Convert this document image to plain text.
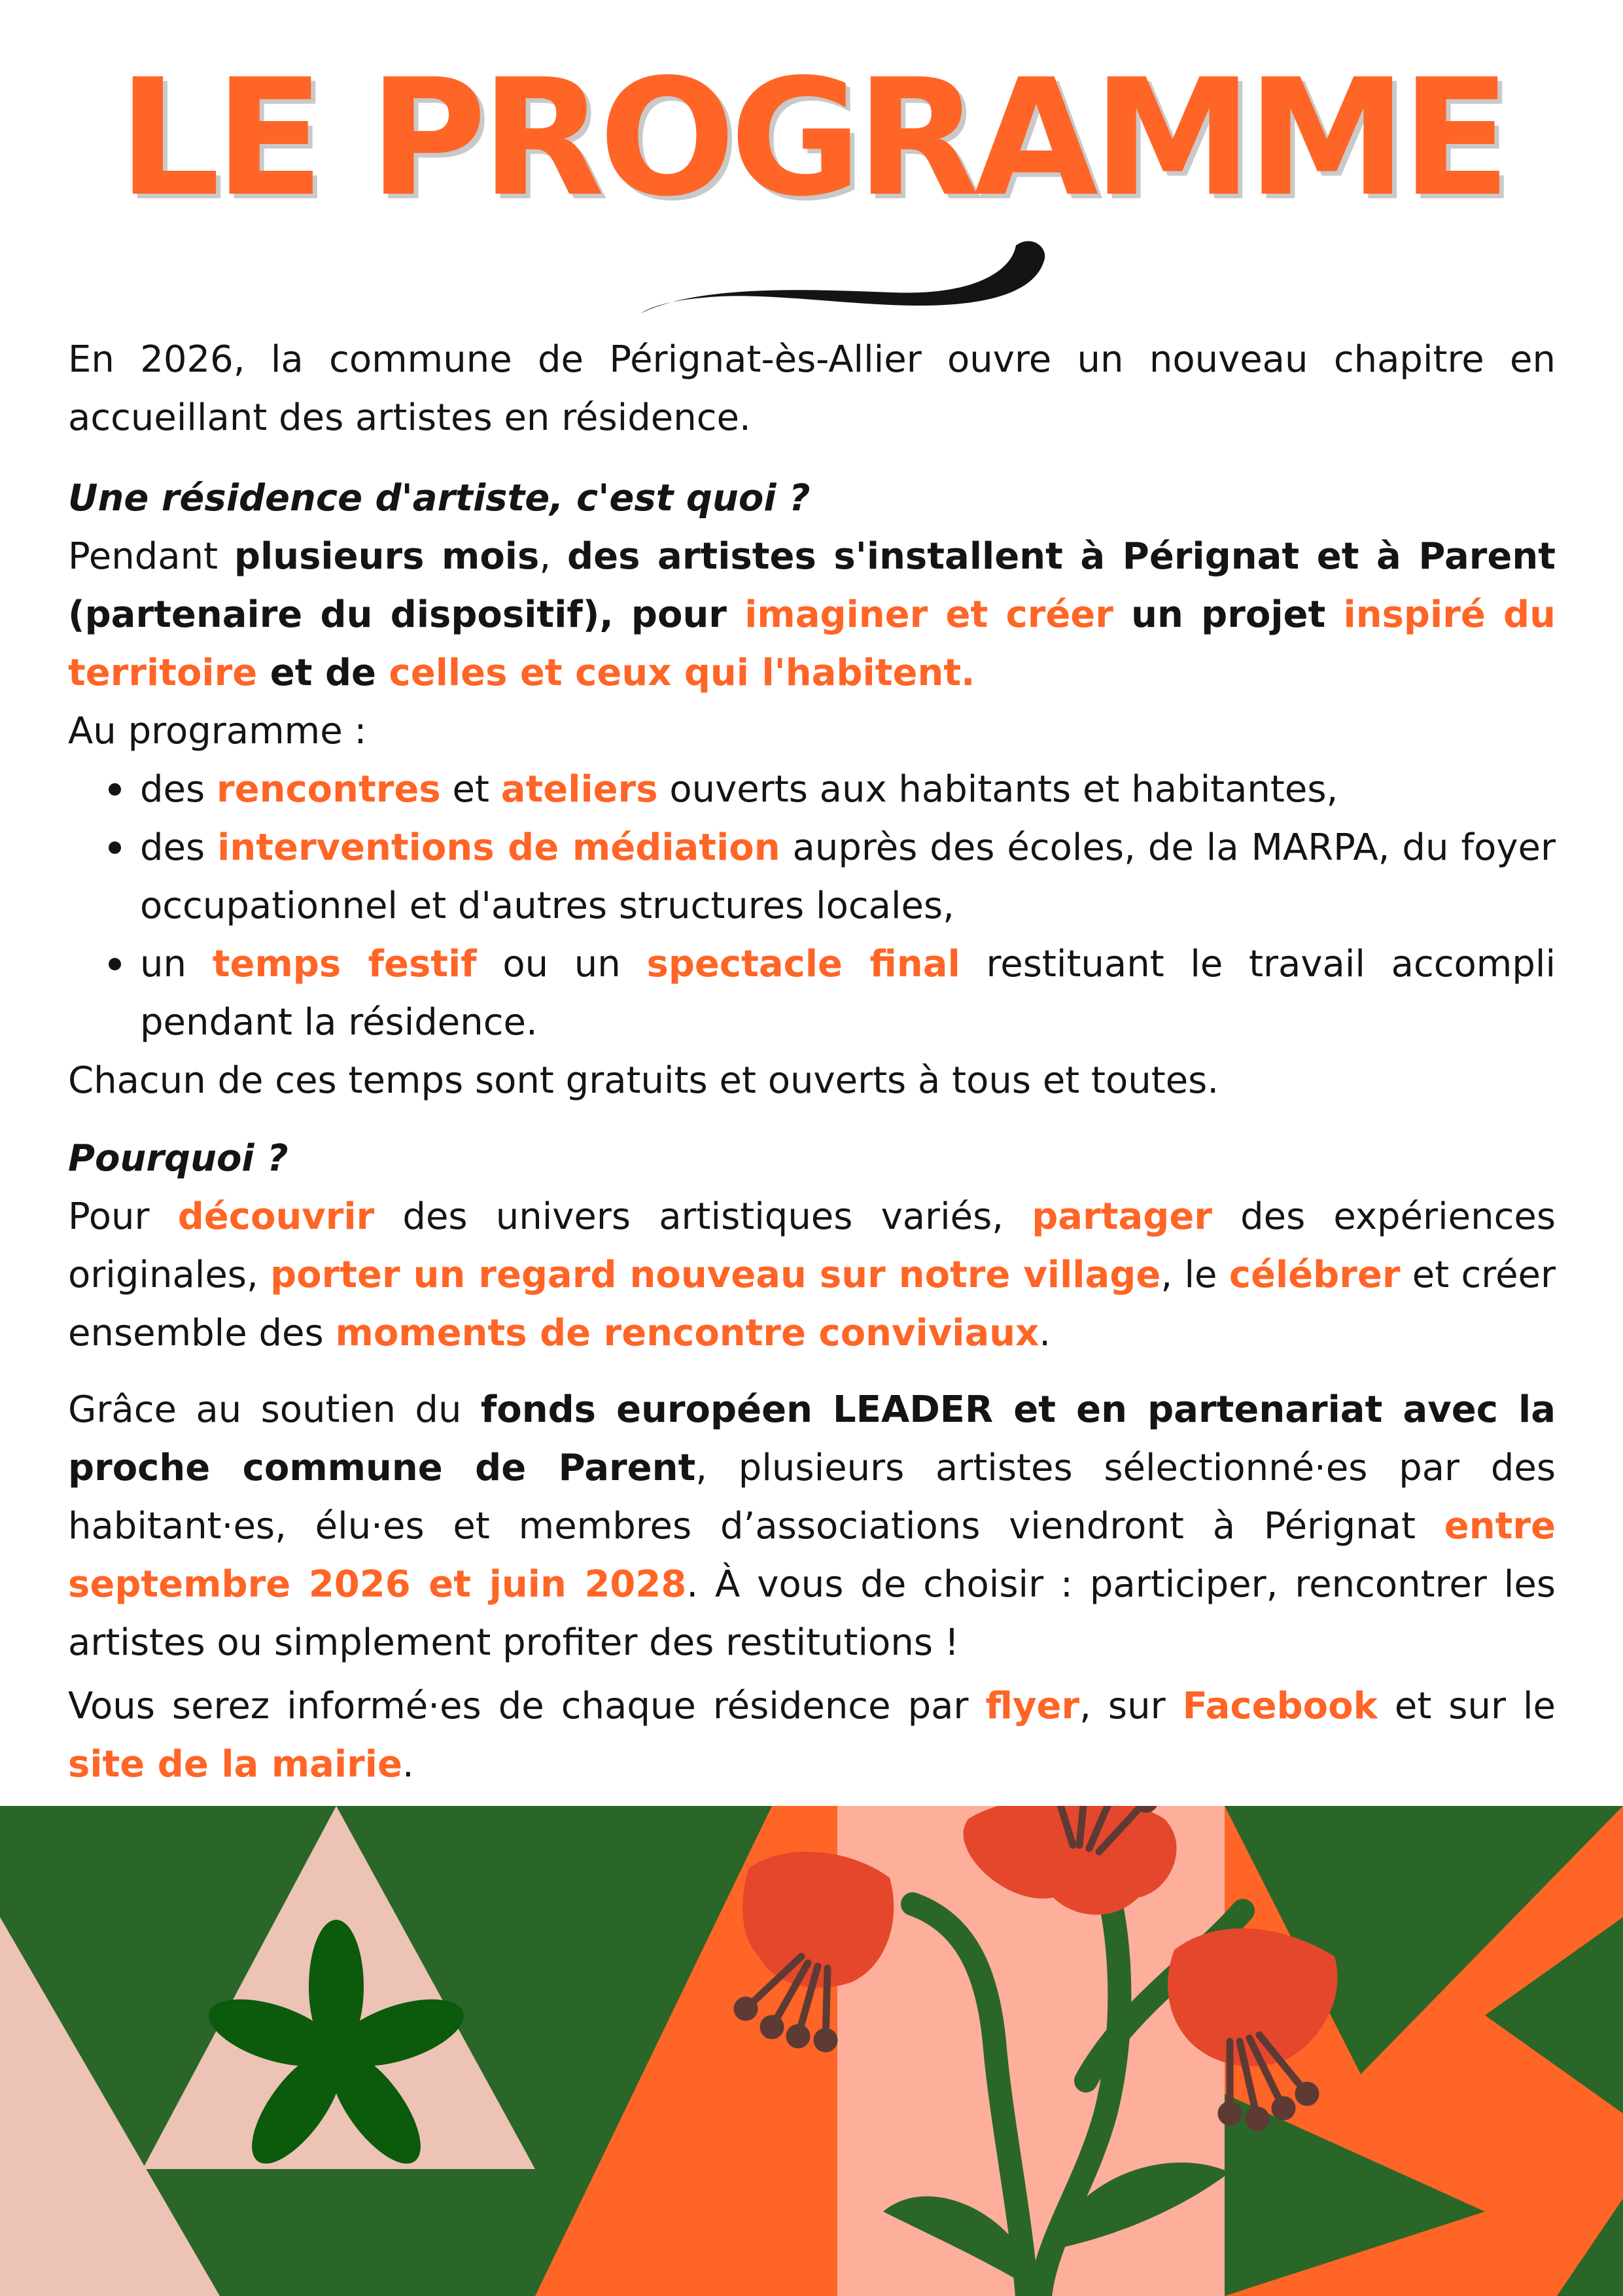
LE PROGRAMME

En 2026, la commune de Pérignat-ès-Allier ouvre un nouveau chapitre en accueillant des artistes en résidence.

Une résidence d'artiste, c'est quoi ?

Pendant plusieurs mois, des artistes s'installent à Pérignat et à Parent (partenaire du dispositif), pour imaginer et créer un projet inspiré du territoire et de celles et ceux qui l'habitent.

Au programme :

des rencontres et ateliers ouverts aux habitants et habitantes,
des interventions de médiation auprès des écoles, de la MARPA, du foyer occupationnel et d'autres structures locales,
un temps festif ou un spectacle final restituant le travail accompli pendant la résidence.

Chacun de ces temps sont gratuits et ouverts à tous et toutes.

Pourquoi ?

Pour découvrir des univers artistiques variés, partager des expériences originales, porter un regard nouveau sur notre village, le célébrer et créer ensemble des moments de rencontre conviviaux.

Grâce au soutien du fonds européen LEADER et en partenariat avec la proche commune de Parent, plusieurs artistes sélectionné·es par des habitant·es, élu·es et membres d’associations viendront à Pérignat entre septembre 2026 et juin 2028. À vous de choisir : participer, rencontrer les artistes ou simplement profiter des restitutions !

Vous serez informé·es de chaque résidence par flyer, sur Facebook et sur le site de la mairie.
